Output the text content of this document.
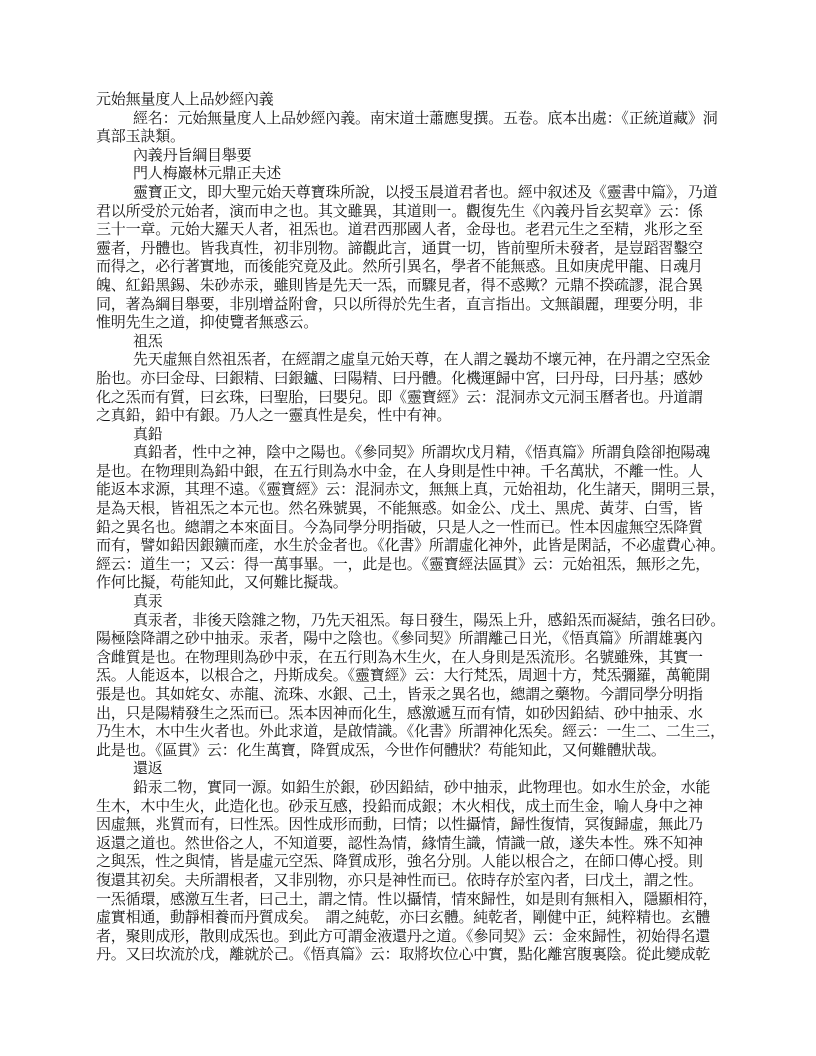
元始無量度人上品妙經內義
經名：元始無量度人上品妙經內義。南宋道士蕭應叟撰。五卷。底本出處：《正統道藏》洞
真部玉訣類。
內義丹旨綱目舉要
門人梅巖林元鼎正夫述
靈寶正文，即大聖元始天尊寶珠所說，以授玉晨道君者也。經中叙述及《靈書中篇》，乃道
君以所受於元始者，演而申之也。其文雖異，其道則一。觀復先生《內義丹旨玄契章》云：係
三十一章。元始大羅天人者，祖炁也。道君西那國人者，金母也。老君元生之至精，兆形之至
靈者，丹體也。皆我真性，初非別物。諦觀此言，通貫一切，皆前聖所未發者，是豈蹈習鑿空
而得之，必行著實地，而後能究竟及此。然所引異名，學者不能無惑。且如庚虎甲龍、日魂月
魄、紅鉛黑錫、朱砂赤汞，雖則皆是先天一炁，而驟見者，得不惑歟？元鼎不揆疏謬，混合異
同，著為綱目舉要，非別增益附會，只以所得於先生者，直言指出。文無韻麗，理要分明，非
惟明先生之道，抑使覽者無惑云。
祖炁
先天虛無自然祖炁者，在經謂之虛皇元始天尊，在人謂之曩劫不壞元神，在丹謂之空炁金
胎也。亦曰金母、曰銀精、曰銀鑪、曰陽精、曰丹體。化機運歸中宮，曰丹母，曰丹基；感妙
化之炁而有質，曰玄珠，曰聖胎，曰嬰兒。即《靈寶經》云：混洞赤文元洞玉曆者也。丹道謂
之真鉛，鉛中有銀。乃人之一靈真性是矣，性中有神。
真鉛
真鉛者，性中之神，陰中之陽也。《參同契》所謂坎戊月精，《悟真篇》所謂負陰卻抱陽魂
是也。在物理則為鉛中銀，在五行則為水中金，在人身則是性中神。千名萬狀，不離一性。人
能返本求源，其理不遠。《靈寶經》云：混洞赤文，無無上真，元始祖劫，化生諸天，開明三景，
是為天根，皆祖炁之本元也。然名殊號異，不能無惑。如金公、戊土、黑虎、黃芽、白雪，皆
鉛之異名也。總謂之本來面目。今為同學分明指破，只是人之一性而已。性本因虛無空炁降質
而有，譬如鉛因銀鑛而產，水生於金者也。《化書》所謂虛化神外，此皆是閑話，不必虛費心神。
經云：道生一；又云：得一萬事畢。一，此是也。《靈寶經法區貫》云：元始祖炁，無形之先，
作何比擬，苟能知此，又何難比擬哉。
真汞
真汞者，非後天陰雜之物，乃先天祖炁。每日發生，陽炁上升，感鉛炁而凝結，強名曰砂。
陽極陰降謂之砂中抽汞。汞者，陽中之陰也。《參同契》所謂離己日光，《悟真篇》所謂雄裏內
含雌質是也。在物理則為砂中汞，在五行則為木生火，在人身則是炁流形。名號雖殊，其實一
炁。人能返本，以根合之，丹斯成矣。《靈寶經》云：大行梵炁，周迴十方，梵炁彌羅，萬範開
張是也。其如姹女、赤龍、流珠、水銀、己土，皆汞之異名也，總謂之藥物。今謂同學分明指
出，只是陽精發生之炁而已。炁本因神而化生，感激遞互而有情，如砂因鉛結、砂中抽汞、水
乃生木，木中生火者也。外此求道，是啟情識。《化書》所謂神化炁矣。經云：一生二、二生三，
此是也。《區貫》云：化生萬寶，降質成炁，今世作何體狀？苟能知此，又何難體狀哉。
還返
鉛汞二物，實同一源。如鉛生於銀，砂因鉛結，砂中抽汞，此物理也。如水生於金，水能
生木，木中生火，此造化也。砂汞互感，投鉛而成銀；木火相伐，成土而生金，喻人身中之神
因虛無，兆質而有，曰性炁。因性成形而動，曰情；以性攝情，歸性復情，冥復歸虛，無此乃
返還之道也。然世俗之人，不知道要，認性為情，緣情生識，情識一啟，遂失本性。殊不知神
之與炁，性之與情，皆是虛元空炁、降質成形，強名分別。人能以根合之，在師口傳心授。則
復還其初矣。夫所謂根者，又非別物，亦只是神性而已。依時存於室內者，曰戊土，謂之性。
一炁循環，感激互生者，曰己土，謂之情。性以攝情，情來歸性，如是則有無相入，隱顯相符，
虛實相通，動靜相養而丹質成矣。　謂之純乾，亦曰玄體。純乾者，剛健中正，純粹精也。玄體
者，聚則成形，散則成炁也。到此方可謂金液還丹之道。《參同契》云：金來歸性，初始得名還
丹。又曰坎流於戊，離就於己。《悟真篇》云：取將坎位心中實，點化離宮腹裏陰。從此變成乾
